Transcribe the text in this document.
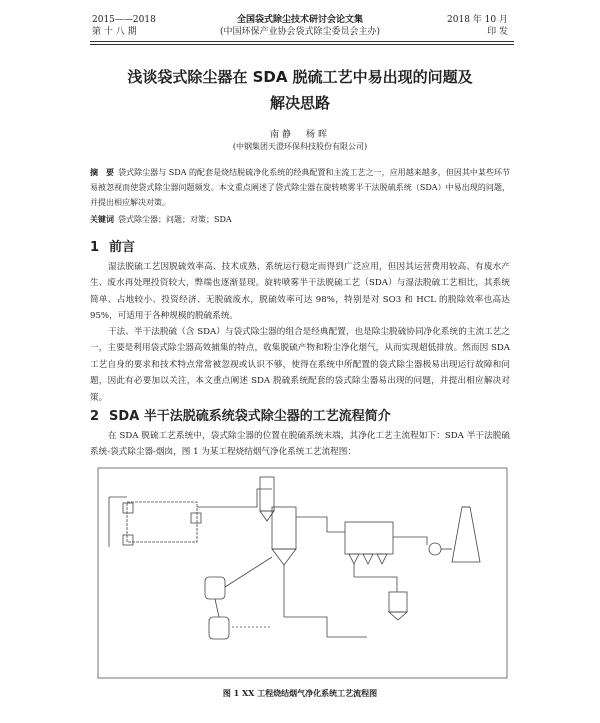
2015——2018
第 十 八 期
全国袋式除尘技术研讨会论文集
(中国环保产业协会袋式除尘委员会主办)
2018 年 10 月
印 发
浅谈袋式除尘器在 SDA 脱硫工艺中易出现的问题及
解决思路
南静　杨晖
(中钢集团天澄环保科技股份有限公司)
摘　要 袋式除尘器与 SDA 的配套是烧结脱硫净化系统的经典配置和主流工艺之一，应用越来越多，但因其中某些环节易被忽视而使袋式除尘器问题频发。本文重点阐述了袋式除尘器在旋转喷雾半干法脱硫系统（SDA）中易出现的问题，并提出相应解决对策。
关键词 袋式除尘器；问题；对策；SDA
1 前言
湿法脱硫工艺因脱硫效率高、技术成熟、系统运行稳定而得到广泛应用，但因其运营费用较高、有废水产生、废水再处理投资较大，弊端也逐渐显现。旋转喷雾半干法脱硫工艺（SDA）与湿法脱硫工艺相比，其系统简单、占地较小、投资经济、无脱硫废水，脱硫效率可达 98%，特别是对 SO3 和 HCL 的脱除效率也高达 95%，可适用于各种规模的脱硫系统。
干法、半干法脱硫（含 SDA）与袋式除尘器的组合是经典配置，也是除尘脱硫协同净化系统的主流工艺之一，主要是利用袋式除尘器高效捕集的特点，收集脱硫产物和粉尘净化烟气，从而实现超低排放。然而因 SDA 工艺自身的要求和技术特点常常被忽视或认识不够，使得在系统中所配置的袋式除尘器极易出现运行故障和问题，因此有必要加以关注，本文重点阐述 SDA 脱硫系统配套的袋式除尘器易出现的问题，并提出相应解决对策。
2 SDA 半干法脱硫系统袋式除尘器的工艺流程简介
在 SDA 脱硫工艺系统中，袋式除尘器的位置在脱硫系统末端，其净化工艺主流程如下：SDA 半干法脱硫系统-袋式除尘器-烟囱，图 1 为某工程烧结烟气净化系统工艺流程图：
图 1 XX 工程烧结烟气净化系统工艺流程图
